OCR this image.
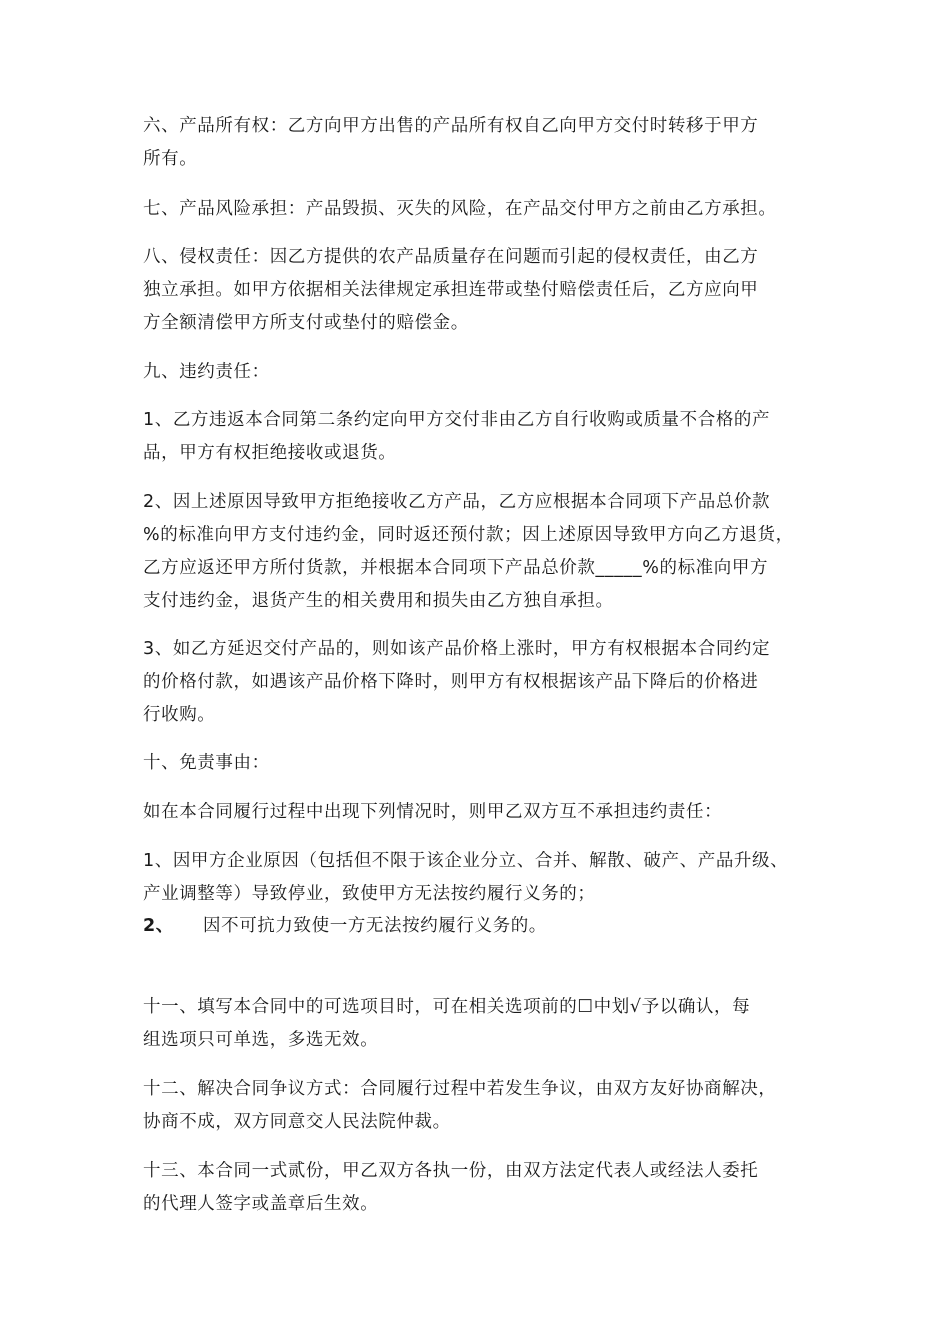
六、产品所有权：乙方向甲方出售的产品所有权自乙向甲方交付时转移于甲方
所有。
七、产品风险承担：产品毁损、灭失的风险，在产品交付甲方之前由乙方承担。
八、侵权责任：因乙方提供的农产品质量存在问题而引起的侵权责任，由乙方
独立承担。如甲方依据相关法律规定承担连带或垫付赔偿责任后，乙方应向甲
方全额清偿甲方所支付或垫付的赔偿金。
九、违约责任：
1、乙方违返本合同第二条约定向甲方交付非由乙方自行收购或质量不合格的产
品，甲方有权拒绝接收或退货。
2、因上述原因导致甲方拒绝接收乙方产品，乙方应根据本合同项下产品总价款
%的标准向甲方支付违约金，同时返还预付款；因上述原因导致甲方向乙方退货，
乙方应返还甲方所付货款，并根据本合同项下产品总价款_____%的标准向甲方
支付违约金，退货产生的相关费用和损失由乙方独自承担。
3、如乙方延迟交付产品的，则如该产品价格上涨时，甲方有权根据本合同约定
的价格付款，如遇该产品价格下降时，则甲方有权根据该产品下降后的价格进
行收购。
十、免责事由：
如在本合同履行过程中出现下列情况时，则甲乙双方互不承担违约责任：
1、因甲方企业原因（包括但不限于该企业分立、合并、解散、破产、产品升级、
产业调整等）导致停业，致使甲方无法按约履行义务的；
2、 因不可抗力致使一方无法按约履行义务的。
十一、填写本合同中的可选项目时，可在相关选项前的☐中划√予以确认，每
组选项只可单选，多选无效。
十二、解决合同争议方式：合同履行过程中若发生争议，由双方友好协商解决，
协商不成，双方同意交人民法院仲裁。
十三、本合同一式贰份，甲乙双方各执一份，由双方法定代表人或经法人委托
的代理人签字或盖章后生效。
